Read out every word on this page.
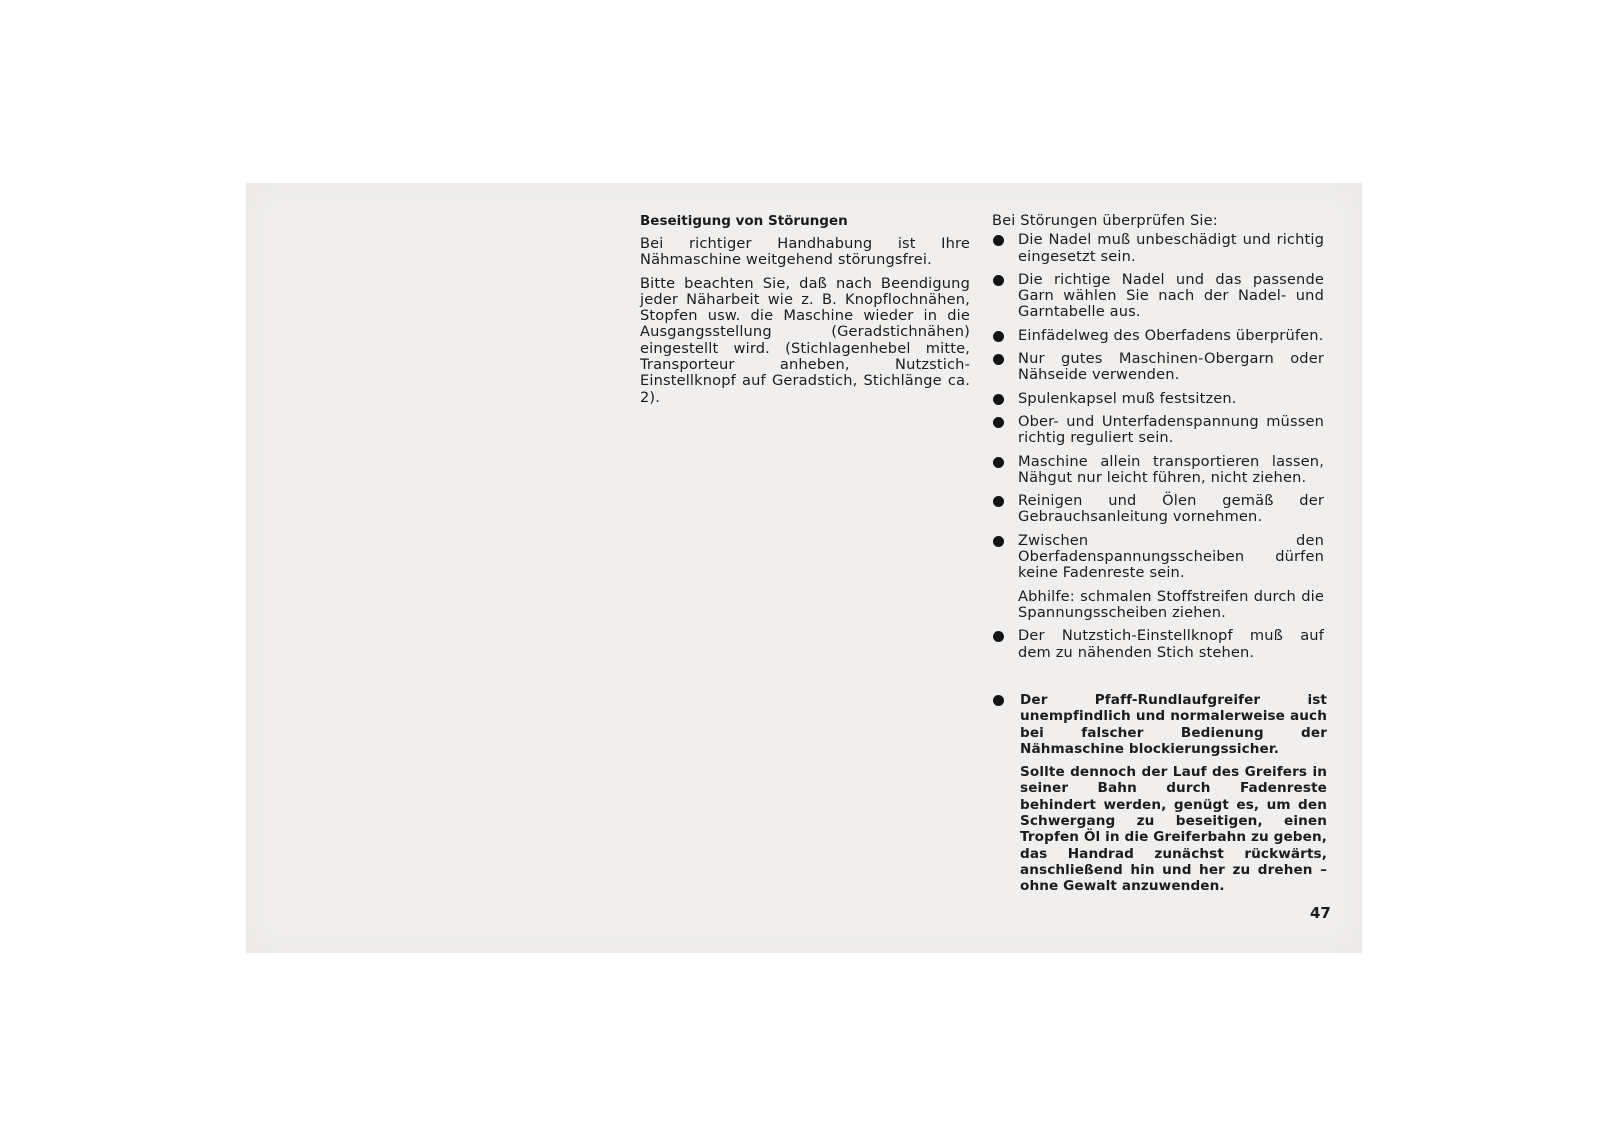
Beseitigung von Störungen

Bei richtiger Handhabung ist Ihre Nähmaschine weitgehend störungsfrei.

Bitte beachten Sie, daß nach Beendigung jeder Näharbeit wie z. B. Knopflochnähen, Stopfen usw. die Maschine wieder in die Ausgangsstellung (Geradstichnähen) eingestellt wird. (Stichlagenhebel mitte, Transporteur anheben, Nutzstich-Einstellknopf auf Geradstich, Stichlänge ca. 2).

Bei Störungen überprüfen Sie:

Die Nadel muß unbeschädigt und richtig eingesetzt sein.

Die richtige Nadel und das passende Garn wählen Sie nach der Nadel- und Garntabelle aus.

Einfädelweg des Oberfadens überprüfen.

Nur gutes Maschinen-Obergarn oder Nähseide verwenden.

Spulenkapsel muß festsitzen.

Ober- und Unterfadenspannung müssen richtig reguliert sein.

Maschine allein transportieren lassen, Nähgut nur leicht führen, nicht ziehen.

Reinigen und Ölen gemäß der Gebrauchsanleitung vornehmen.

Zwischen den Oberfadenspannungsscheiben dürfen keine Fadenreste sein.

Abhilfe: schmalen Stoffstreifen durch die Spannungsscheiben ziehen.

Der Nutzstich-Einstellknopf muß auf dem zu nähenden Stich stehen.

Der Pfaff-Rundlaufgreifer ist unempfindlich und normalerweise auch bei falscher Bedienung der Nähmaschine blockierungssicher.

Sollte dennoch der Lauf des Greifers in seiner Bahn durch Fadenreste behindert werden, genügt es, um den Schwergang zu beseitigen, einen Tropfen Öl in die Greiferbahn zu geben, das Handrad zunächst rückwärts, anschließend hin und her zu drehen – ohne Gewalt anzuwenden.

47
